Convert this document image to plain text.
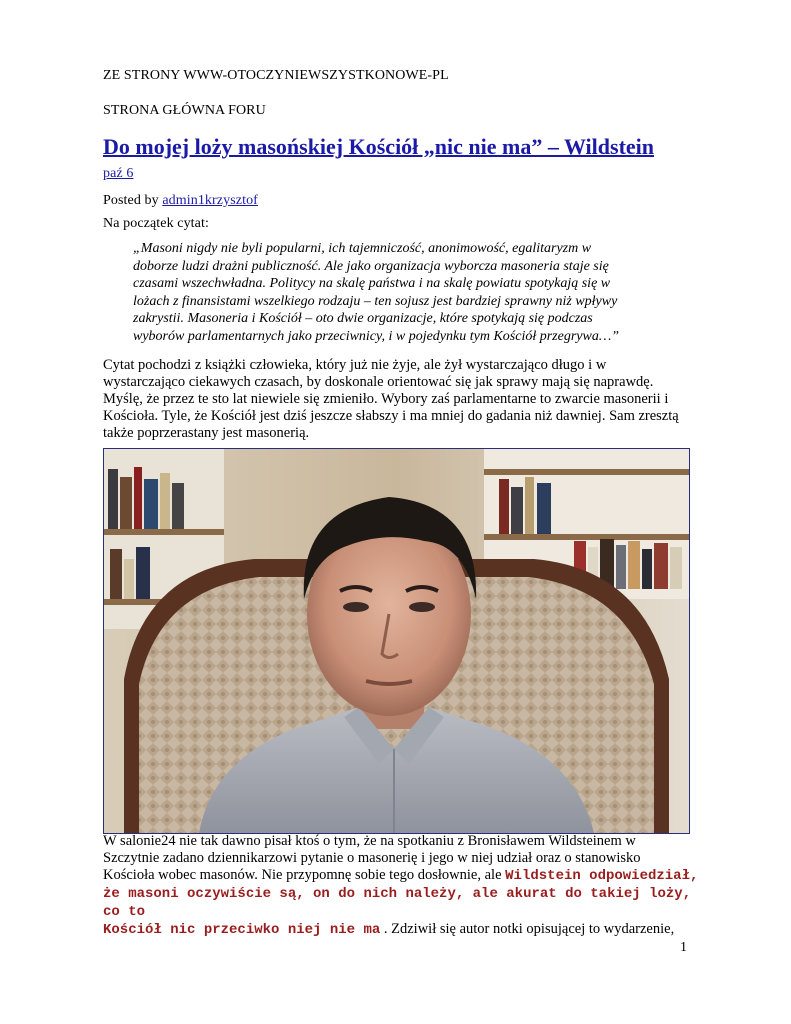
ZE STRONY WWW-OTOCZYNIEWSZYSTKONOWE-PL
STRONA GŁÓWNA FORU
Do mojej loży masońskiej Kościół „nic nie ma” – Wildstein
paź 6
Posted by admin1krzysztof
Na początek cytat:
„Masoni nigdy nie byli popularni, ich tajemniczość, anonimowość, egalitaryzm w
doborze ludzi drażni publiczność. Ale jako organizacja wyborcza masoneria staje się
czasami wszechwładna. Politycy na skalę państwa i na skalę powiatu spotykają się w
lożach z finansistami wszelkiego rodzaju – ten sojusz jest bardziej sprawny niż wpływy
zakrystii. Masoneria i Kościół – oto dwie organizacje, które spotykają się podczas
wyborów parlamentarnych jako przeciwnicy, i w pojedynku tym Kościół przegrywa…”
Cytat pochodzi z książki człowieka, który już nie żyje, ale żył wystarczająco długo i w
wystarczająco ciekawych czasach, by doskonale orientować się jak sprawy mają się naprawdę.
Myślę, że przez te sto lat niewiele się zmieniło. Wybory zaś parlamentarne to zwarcie masonerii i
Kościoła. Tyle, że Kościół jest dziś jeszcze słabszy i ma mniej do gadania niż dawniej. Sam zresztą
także poprzerastany jest masonerią.
W salonie24 nie tak dawno pisał ktoś o tym, że na spotkaniu z Bronisławem Wildsteinem w
Szczytnie zadano dziennikarzowi pytanie o masonerię i jego w niej udział oraz o stanowisko
Kościoła wobec masonów. Nie przypomnę sobie tego dosłownie, ale Wildstein odpowiedział,
że masoni oczywiście są, on do nich należy, ale akurat do takiej loży, co to
Kościół nic przeciwko niej nie ma . Zdziwił się autor notki opisującej to wydarzenie,
1
